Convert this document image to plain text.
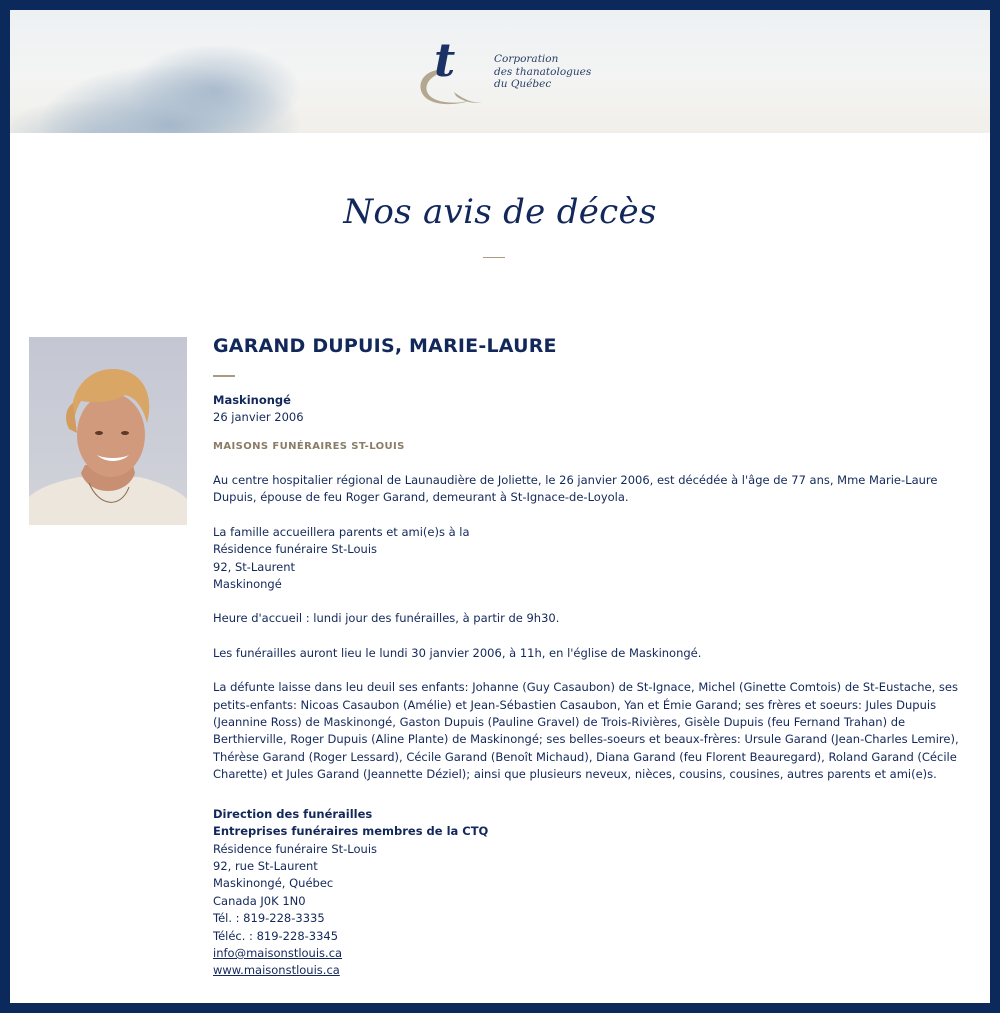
t	Corporation
des thanatologues
du Québec
Nos avis de décès
GARAND DUPUIS, MARIE-LAURE
Maskinongé
26 janvier 2006
MAISONS FUNÉRAIRES ST-LOUIS

Au centre hospitalier régional de Launaudière de Joliette, le 26 janvier 2006, est décédée à l'âge de 77 ans, Mme Marie-Laure Dupuis, épouse de feu Roger Garand, demeurant à St-Ignace-de-Loyola.

La famille accueillera parents et ami(e)s à la

Résidence funéraire St-Louis

92, St-Laurent

Maskinongé

Heure d'accueil : lundi jour des funérailles, à partir de 9h30.

Les funérailles auront lieu le lundi 30 janvier 2006, à 11h, en l'église de Maskinongé.

La défunte laisse dans leu deuil ses enfants: Johanne (Guy Casaubon) de St-Ignace, Michel (Ginette Comtois) de St-Eustache, ses petits-enfants: Nicoas Casaubon (Amélie) et Jean-Sébastien Casaubon, Yan et Émie Garand; ses frères et soeurs: Jules Dupuis (Jeannine Ross) de Maskinongé, Gaston Dupuis (Pauline Gravel) de Trois-Rivières, Gisèle Dupuis (feu Fernand Trahan) de Berthierville, Roger Dupuis (Aline Plante) de Maskinongé; ses belles-soeurs et beaux-frères: Ursule Garand (Jean-Charles Lemire), Thérèse Garand (Roger Lessard), Cécile Garand (Benoît Michaud), Diana Garand (feu Florent Beauregard), Roland Garand (Cécile Charette) et Jules Garand (Jeannette Déziel); ainsi que plusieurs neveux, nièces, cousins, cousines, autres parents et ami(e)s.

Direction des funérailles

Entreprises funéraires membres de la CTQ

Résidence funéraire St-Louis

92, rue St-Laurent

Maskinongé, Québec

Canada J0K 1N0

Tél. : 819-228-3335

Téléc. : 819-228-3345

info@maisonstlouis.ca

www.maisonstlouis.ca
